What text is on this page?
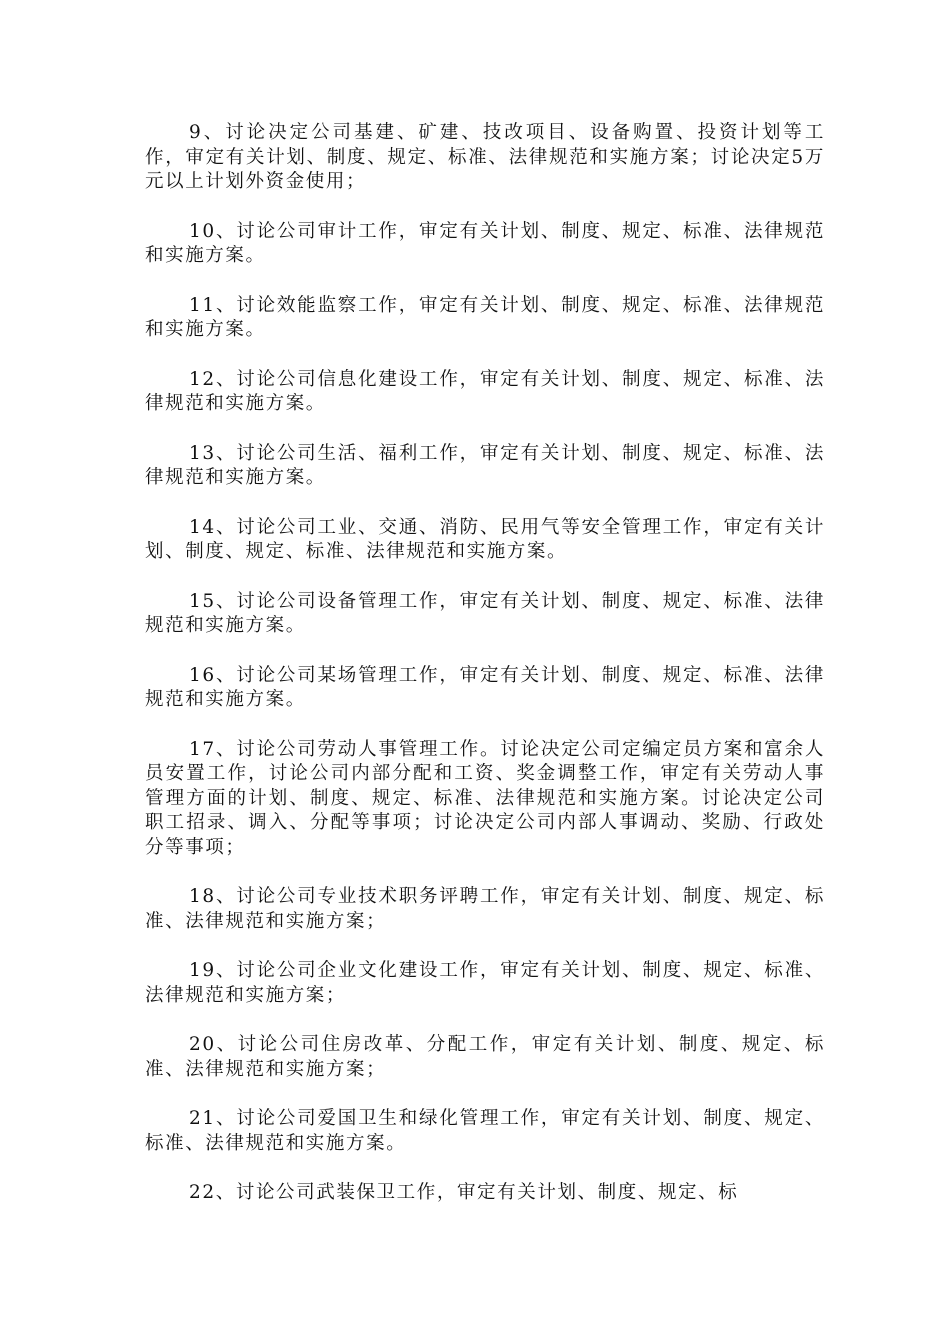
9、讨论决定公司基建、矿建、技改项目、设备购置、投资计划等工作，审定有关计划、制度、规定、标准、法律规范和实施方案；讨论决定5万元以上计划外资金使用；

10、讨论公司审计工作，审定有关计划、制度、规定、标准、法律规范和实施方案。

11、讨论效能监察工作，审定有关计划、制度、规定、标准、法律规范和实施方案。

12、讨论公司信息化建设工作，审定有关计划、制度、规定、标准、法律规范和实施方案。

13、讨论公司生活、福利工作，审定有关计划、制度、规定、标准、法律规范和实施方案。

14、讨论公司工业、交通、消防、民用气等安全管理工作，审定有关计划、制度、规定、标准、法律规范和实施方案。

15、讨论公司设备管理工作，审定有关计划、制度、规定、标准、法律规范和实施方案。

16、讨论公司某场管理工作，审定有关计划、制度、规定、标准、法律规范和实施方案。

17、讨论公司劳动人事管理工作。讨论决定公司定编定员方案和富余人员安置工作，讨论公司内部分配和工资、奖金调整工作，审定有关劳动人事管理方面的计划、制度、规定、标准、法律规范和实施方案。讨论决定公司职工招录、调入、分配等事项；讨论决定公司内部人事调动、奖励、行政处分等事项；

18、讨论公司专业技术职务评聘工作，审定有关计划、制度、规定、标准、法律规范和实施方案；

19、讨论公司企业文化建设工作，审定有关计划、制度、规定、标准、法律规范和实施方案；

20、讨论公司住房改革、分配工作，审定有关计划、制度、规定、标准、法律规范和实施方案；

21、讨论公司爱国卫生和绿化管理工作，审定有关计划、制度、规定、标准、法律规范和实施方案。

22、讨论公司武装保卫工作，审定有关计划、制度、规定、标
